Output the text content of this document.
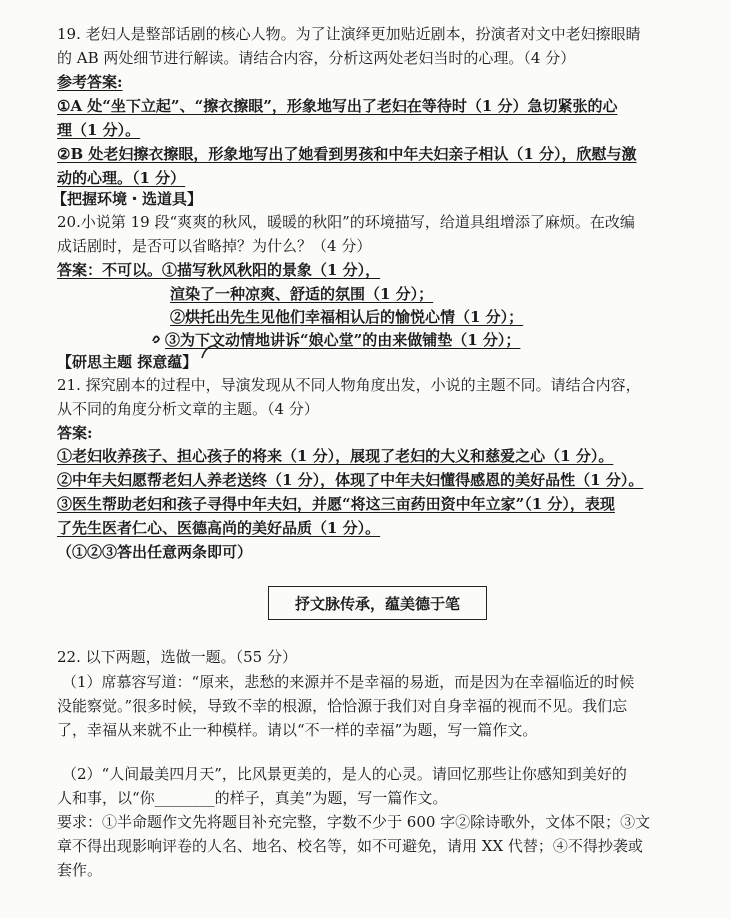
19. 老妇人是整部话剧的核心人物。为了让演绎更加贴近剧本，扮演者对文中老妇擦眼睛
的 AB 两处细节进行解读。请结合内容，分析这两处老妇当时的心理。（4 分）
参考答案:
①A 处“坐下立起”、“擦衣擦眼”，形象地写出了老妇在等待时（1 分）急切紧张的心
理（1 分）。
②B 处老妇擦衣擦眼，形象地写出了她看到男孩和中年夫妇亲子相认（1 分），欣慰与激
动的心理。（1 分）
【把握环境・选道具】
20.小说第 19 段“爽爽的秋风，暖暖的秋阳”的环境描写，给道具组增添了麻烦。在改编
成话剧时，是否可以省略掉？为什么？（4 分）
答案：不可以。①描写秋风秋阳的景象（1 分），
渲染了一种凉爽、舒适的氛围（1 分）；
②烘托出先生见他们幸福相认后的愉悦心情（1 分）；
③为下文动情地讲诉“娘心堂”的由来做铺垫（1 分）；
【研思主题 探意蕴】
21. 探究剧本的过程中，导演发现从不同人物角度出发，小说的主题不同。请结合内容，
从不同的角度分析文章的主题。（4 分）
答案:
①老妇收养孩子、担心孩子的将来（1 分），展现了老妇的大义和慈爱之心（1 分）。
②中年夫妇愿帮老妇人养老送终（1 分），体现了中年夫妇懂得感恩的美好品性（1 分）。
③医生帮助老妇和孩子寻得中年夫妇，并愿“将这三亩药田资中年立家”（1 分），表现
了先生医者仁心、医德高尚的美好品质（1 分）。
（①②③答出任意两条即可）
抒文脉传承，蕴美德于笔
22. 以下两题，选做一题。（55 分）
（1）席慕容写道：“原来，悲愁的来源并不是幸福的易逝，而是因为在幸福临近的时候
没能察觉。”很多时候，导致不幸的根源，恰恰源于我们对自身幸福的视而不见。我们忘
了，幸福从来就不止一种模样。请以“不一样的幸福”为题，写一篇作文。
（2）“人间最美四月天”，比风景更美的，是人的心灵。请回忆那些让你感知到美好的
人和事，以“你________的样子，真美”为题，写一篇作文。
要求：①半命题作文先将题目补充完整，字数不少于 600 字②除诗歌外，文体不限；③文
章不得出现影响评卷的人名、地名、校名等，如不可避免，请用 XX 代替；④不得抄袭或
套作。
